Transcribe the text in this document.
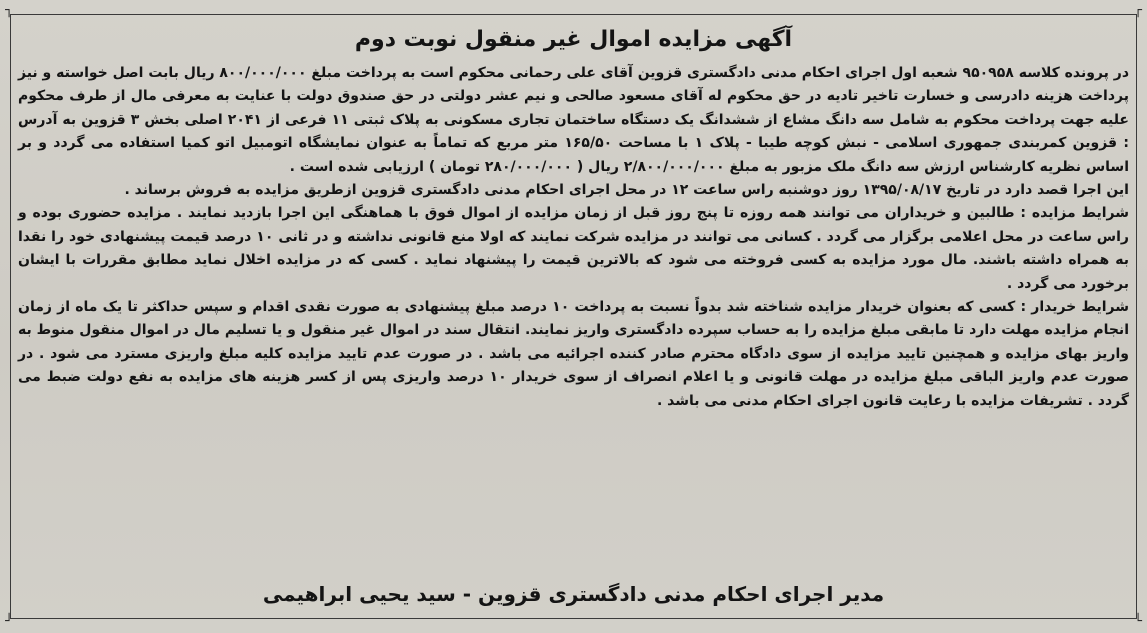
┐	┌
┘	└
آگهی مزایده اموال غیر منقول نوبت دوم

در پرونده کلاسه ۹۵۰۹۵۸ شعبه اول اجرای احکام مدنی دادگستری قزوین آقای علی رحمانی محکوم است به پرداخت مبلغ ۸۰۰/۰۰۰/۰۰۰ ریال بابت اصل خواسته و نیز پرداخت هزینه دادرسی و خسارت تاخیر تادیه در حق محکوم له آقای مسعود صالحی و نیم عشر دولتی در حق صندوق دولت با عنایت به معرفی مال از طرف محکوم علیه جهت پرداخت محکوم به شامل سه دانگ مشاع از ششدانگ یک دستگاه ساختمان تجاری مسکونی به پلاک ثبتی ۱۱ فرعی از ۲۰۴۱ اصلی بخش ۳ قزوین به آدرس : قزوین کمربندی جمهوری اسلامی - نبش کوچه طیبا - پلاک ۱ با مساحت ۱۶۵/۵۰ متر مربع که تماماً به عنوان نمایشگاه اتومبیل اتو کمیا استفاده می گردد و بر اساس نظریه کارشناس ارزش سه دانگ ملک مزبور به مبلغ ۲/۸۰۰/۰۰۰/۰۰۰ ریال ( ۲۸۰/۰۰۰/۰۰۰ تومان ) ارزیابی شده است .

این اجرا قصد دارد در تاریخ ۱۳۹۵/۰۸/۱۷ روز دوشنبه راس ساعت ۱۲ در محل اجرای احکام مدنی دادگستری قزوین ازطریق مزایده به فروش برساند .

شرایط مزایده : طالبین و خریداران می توانند همه روزه تا پنج روز قبل از زمان مزایده از اموال فوق با هماهنگی این اجرا بازدید نمایند . مزایده حضوری بوده و راس ساعت در محل اعلامی برگزار می گردد . کسانی می توانند در مزایده شرکت نمایند که اولا منع قانونی نداشته و در ثانی ۱۰ درصد قیمت پیشنهادی خود را نقدا به همراه داشته باشند. مال مورد مزایده به کسی فروخته می شود که بالاترین قیمت را پیشنهاد نماید . کسی که در مزایده اخلال نماید مطابق مقررات با ایشان برخورد می گردد .

شرایط خریدار : کسی که بعنوان خریدار مزایده شناخته شد بدواً نسبت به پرداخت ۱۰ درصد مبلغ پیشنهادی به صورت نقدی اقدام و سپس حداکثر تا یک ماه از زمان انجام مزایده مهلت دارد تا مابقی مبلغ مزایده را به حساب سپرده دادگستری واریز نمایند. انتقال سند در اموال غیر منقول و یا تسلیم مال در اموال منقول منوط به واریز بهای مزایده و همچنین تایید مزایده از سوی دادگاه محترم صادر کننده اجرائیه می باشد . در صورت عدم تایید مزایده کلیه مبلغ واریزی مسترد می شود . در صورت عدم واریز الباقی مبلغ مزایده در مهلت قانونی و یا اعلام انصراف از سوی خریدار ۱۰ درصد واریزی پس از کسر هزینه های مزایده به نفع دولت ضبط می گردد . تشریفات مزایده با رعایت قانون اجرای احکام مدنی می باشد .

مدیر اجرای احکام مدنی دادگستری قزوین - سید یحیی ابراهیمی
